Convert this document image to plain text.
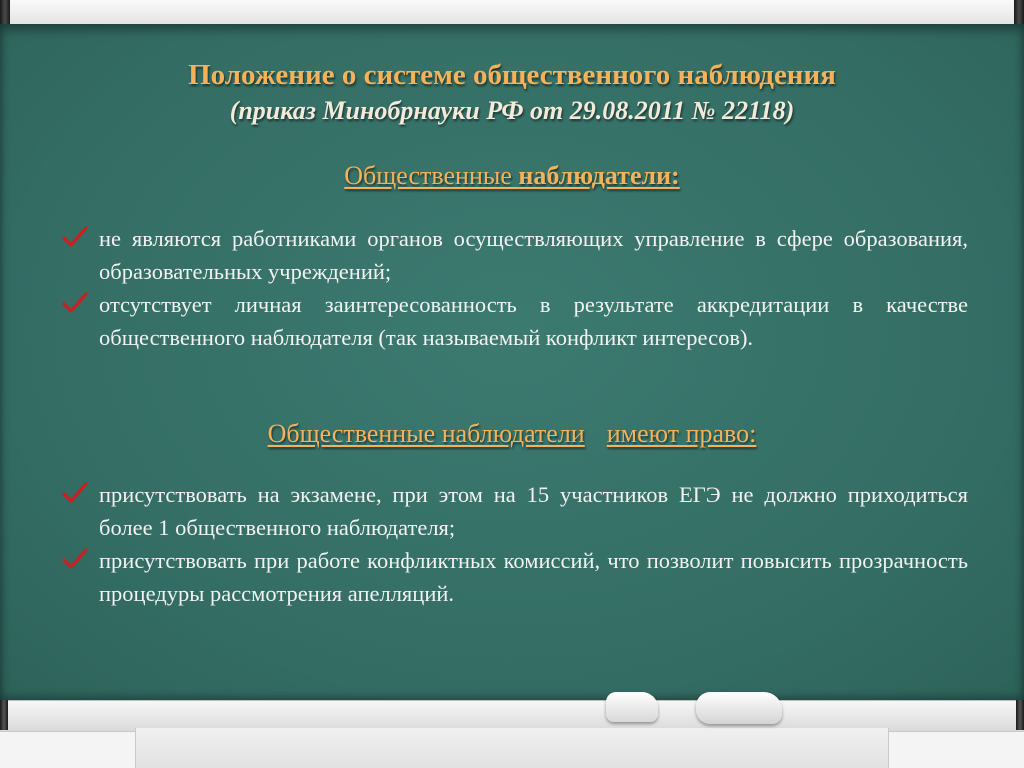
Положение о системе общественного наблюдения
(приказ Минобрнауки РФ от 29.08.2011 № 22118)
Общественные наблюдатели:
не являются работниками органов осуществляющих управление в сфере образования, образовательных учреждений;
отсутствует личная заинтересованность в результате аккредитации в качестве общественного наблюдателя (так называемый конфликт интересов).
Общественные наблюдатели имеют право:
присутствовать на экзамене, при этом на 15 участников ЕГЭ не должно приходиться более 1 общественного наблюдателя;
присутствовать при работе конфликтных комиссий, что позволит повысить прозрачность процедуры рассмотрения апелляций.
